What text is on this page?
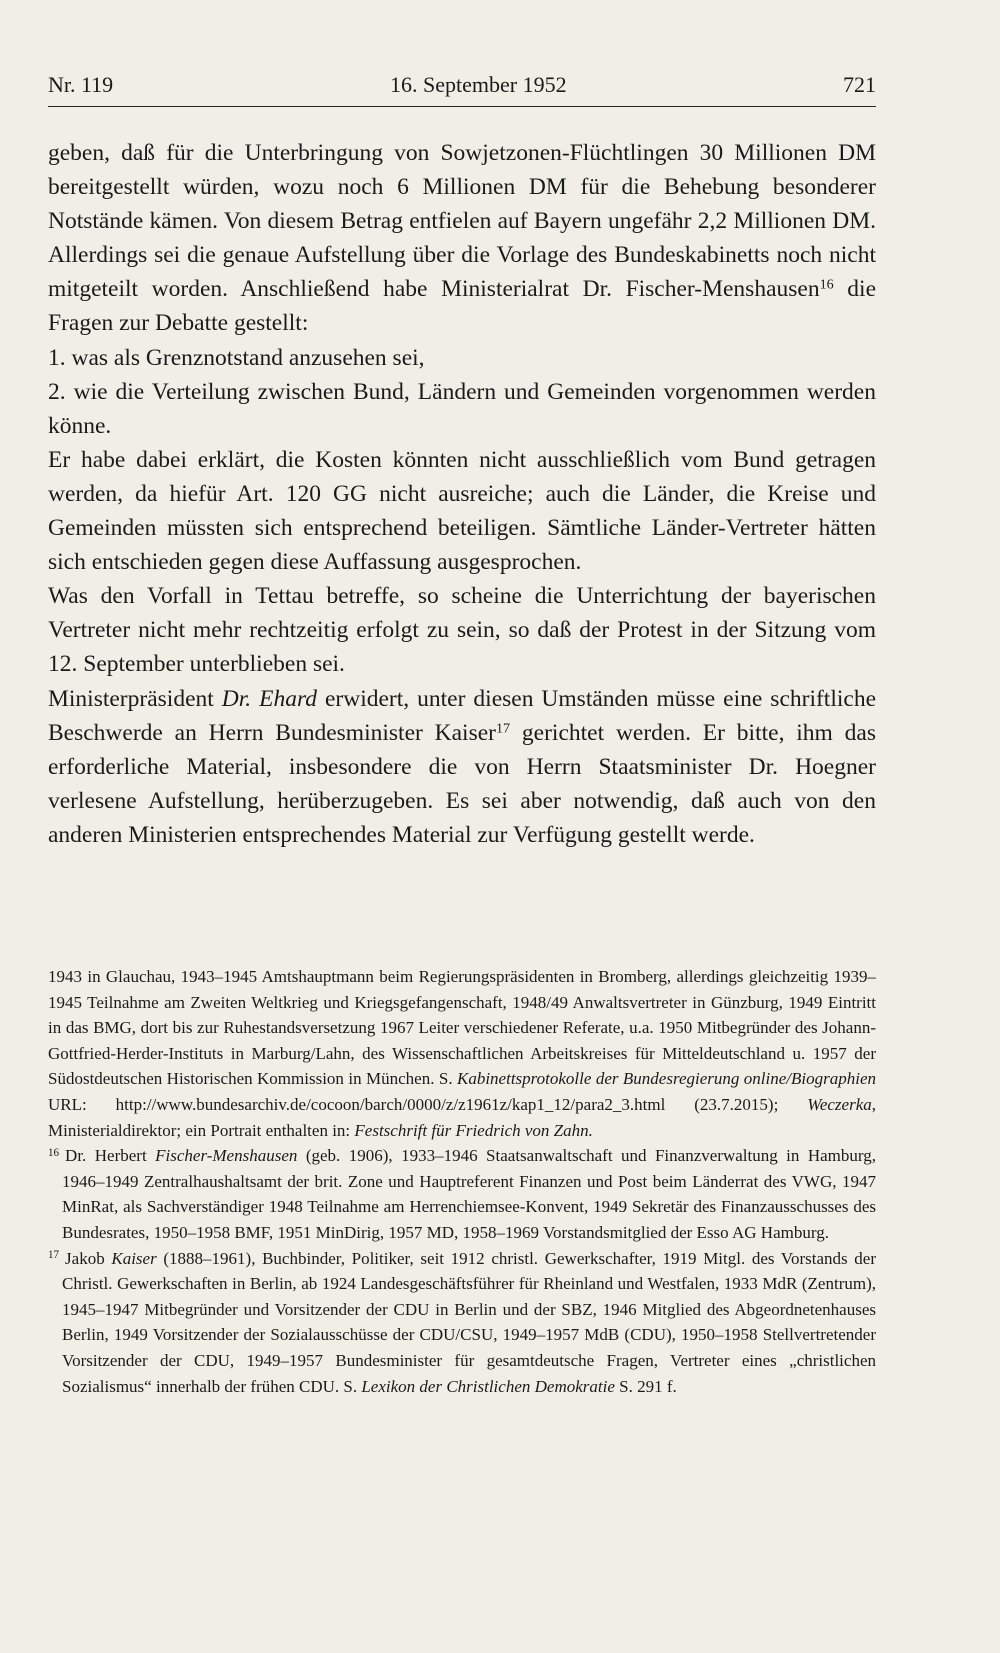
Nr. 119	16. September 1952	721

geben, daß für die Unterbringung von Sowjetzonen-Flüchtlingen 30 Millionen DM bereitgestellt würden, wozu noch 6 Millionen DM für die Behebung besonderer Notstände kämen. Von diesem Betrag entfielen auf Bayern ungefähr 2,2 Millionen DM. Allerdings sei die genaue Aufstellung über die Vorlage des Bundeskabinetts noch nicht mitgeteilt worden. Anschließend habe Ministerialrat Dr. Fischer-Menshausen$^{16}$ die Fragen zur Debatte gestellt:

1. was als Grenznotstand anzusehen sei,

2. wie die Verteilung zwischen Bund, Ländern und Gemeinden vorgenommen werden könne.

Er habe dabei erklärt, die Kosten könnten nicht ausschließlich vom Bund getragen werden, da hiefür Art. 120 GG nicht ausreiche; auch die Länder, die Kreise und Gemeinden müssten sich entsprechend beteiligen. Sämtliche Länder-Vertreter hätten sich entschieden gegen diese Auffassung ausgesprochen.

Was den Vorfall in Tettau betreffe, so scheine die Unterrichtung der bayerischen Vertreter nicht mehr rechtzeitig erfolgt zu sein, so daß der Protest in der Sitzung vom 12. September unterblieben sei.

Ministerpräsident Dr. Ehard erwidert, unter diesen Umständen müsse eine schriftliche Beschwerde an Herrn Bundesminister Kaiser$^{17}$ gerichtet werden. Er bitte, ihm das erforderliche Material, insbesondere die von Herrn Staatsminister Dr. Hoegner verlesene Aufstellung, herüberzugeben. Es sei aber notwendig, daß auch von den anderen Ministerien entsprechendes Material zur Verfügung gestellt werde.

1943 in Glauchau, 1943–1945 Amtshauptmann beim Regierungspräsidenten in Bromberg, allerdings gleichzeitig 1939–1945 Teilnahme am Zweiten Weltkrieg und Kriegsgefangenschaft, 1948/49 Anwaltsvertreter in Günzburg, 1949 Eintritt in das BMG, dort bis zur Ruhestandsversetzung 1967 Leiter verschiedener Referate, u.a. 1950 Mitbegründer des Johann-Gottfried-Herder-Instituts in Marburg/Lahn, des Wissenschaftlichen Arbeitskreises für Mitteldeutschland u. 1957 der Südostdeutschen Historischen Kommission in München. S. Kabinettsprotokolle der Bundesregierung online/Biographien URL: http://www.bundesarchiv.de/cocoon/barch/0000/z/z1961z/kap1_12/para2_3.html (23.7.2015); Weczerka, Ministerialdirektor; ein Portrait enthalten in: Festschrift für Friedrich von Zahn.

$^{16}$ Dr. Herbert Fischer-Menshausen (geb. 1906), 1933–1946 Staatsanwaltschaft und Finanzverwaltung in Hamburg, 1946–1949 Zentralhaushaltsamt der brit. Zone und Hauptreferent Finanzen und Post beim Länderrat des VWG, 1947 MinRat, als Sachverständiger 1948 Teilnahme am Herrenchiemsee-Konvent, 1949 Sekretär des Finanzausschusses des Bundesrates, 1950–1958 BMF, 1951 MinDirig, 1957 MD, 1958–1969 Vorstandsmitglied der Esso AG Hamburg.

$^{17}$ Jakob Kaiser (1888–1961), Buchbinder, Politiker, seit 1912 christl. Gewerkschafter, 1919 Mitgl. des Vorstands der Christl. Gewerkschaften in Berlin, ab 1924 Landesgeschäftsführer für Rheinland und Westfalen, 1933 MdR (Zentrum), 1945–1947 Mitbegründer und Vorsitzender der CDU in Berlin und der SBZ, 1946 Mitglied des Abgeordnetenhauses Berlin, 1949 Vorsitzender der Sozialausschüsse der CDU/CSU, 1949–1957 MdB (CDU), 1950–1958 Stellvertretender Vorsitzender der CDU, 1949–1957 Bundesminister für gesamtdeutsche Fragen, Vertreter eines „christlichen Sozialismus“ innerhalb der frühen CDU. S. Lexikon der Christlichen Demokratie S. 291 f.
